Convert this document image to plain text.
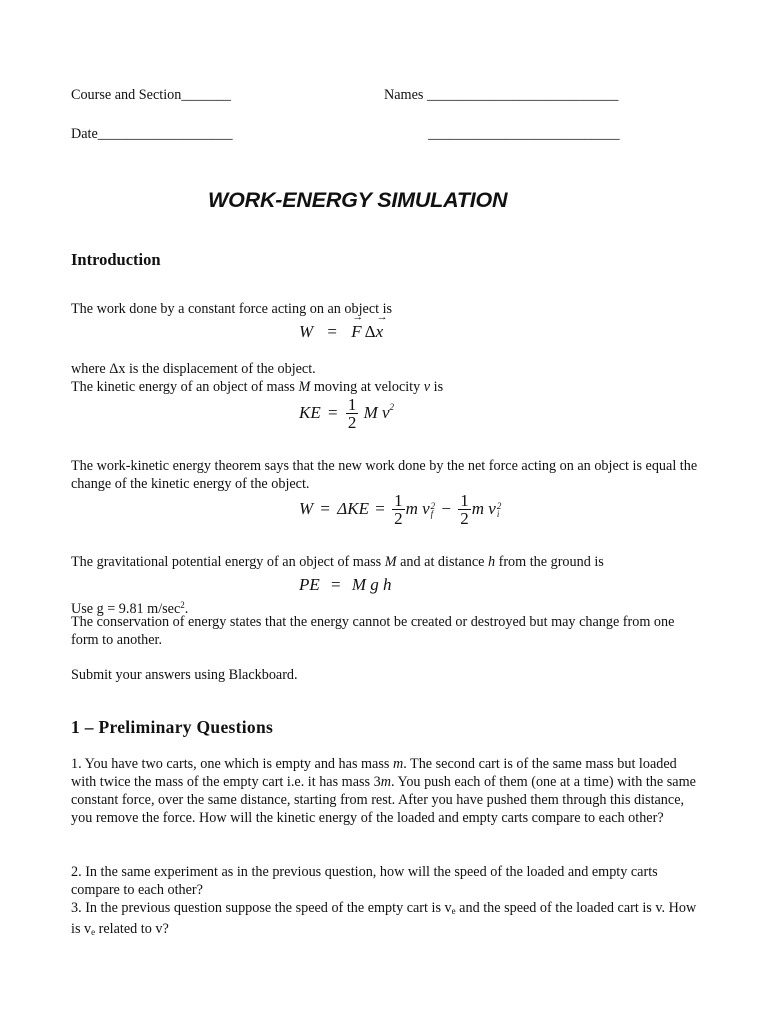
Course and Section_______	Names ___________________________
Date___________________	___________________________
WORK-ENERGY SIMULATION
Introduction
The work done by a constant force acting on an object is
W = → F Δ→ x
where Δx is the displacement of the object.
The kinetic energy of an object of mass M moving at velocity v is
KE = $\frac{1}{2}$ M $v^2$
The work-kinetic energy theorem says that the new work done by the net force acting on an object is equal the change of the kinetic energy of the object.
$W = \Delta KE = \frac{1}{2}$ m v 2
$f - \frac{1}{2}$ m v 2
i
The gravitational potential energy of an object of mass M and at distance h from the ground is
PE = M g h
Use g = 9.81 $m/\sec^2$.
The conservation of energy states that the energy cannot be created or destroyed but may change from one form to another.
Submit your answers using Blackboard.
1 – Preliminary Questions
1. You have two carts, one which is empty and has mass m. The second cart is of the same mass but loaded with twice the mass of the empty cart i.e. it has mass 3m. You push each of them (one at a time) with the same constant force, over the same distance, starting from rest. After you have pushed them through this distance, you remove the force. How will the kinetic energy of the loaded and empty carts compare to each other?
2. In the same experiment as in the previous question, how will the speed of the loaded and empty carts compare to each other?
3. In the previous question suppose the speed of the empty cart is ve and the speed of the loaded cart is v. How is ve related to v?
